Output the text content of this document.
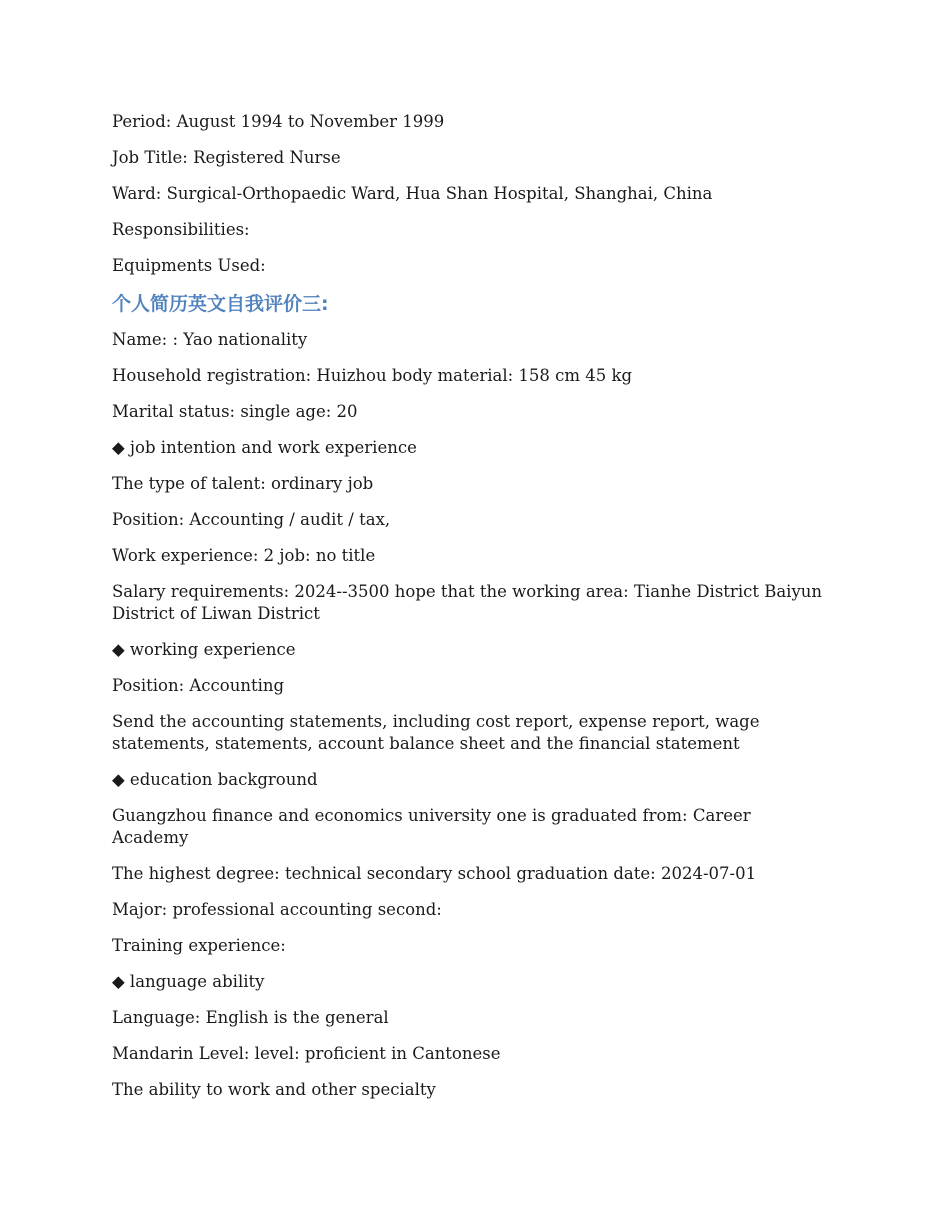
Period: August 1994 to November 1999

Job Title: Registered Nurse

Ward: Surgical-Orthopaedic Ward, Hua Shan Hospital, Shanghai, China

Responsibilities:

Equipments Used:

个人简历英文自我评价三:

Name: : Yao nationality

Household registration: Huizhou body material: 158 cm 45 kg

Marital status: single age: 20

◆ job intention and work experience

The type of talent: ordinary job

Position: Accounting / audit / tax,

Work experience: 2 job: no title

Salary requirements: 2024--3500 hope that the working area: Tianhe District Baiyun District of Liwan District

◆ working experience

Position: Accounting

Send the accounting statements, including cost report, expense report, wage statements, statements, account balance sheet and the financial statement

◆ education background

Guangzhou finance and economics university one is graduated from: Career Academy

The highest degree: technical secondary school graduation date: 2024-07-01

Major: professional accounting second:

Training experience:

◆ language ability

Language: English is the general

Mandarin Level: level: proficient in Cantonese

The ability to work and other specialty
